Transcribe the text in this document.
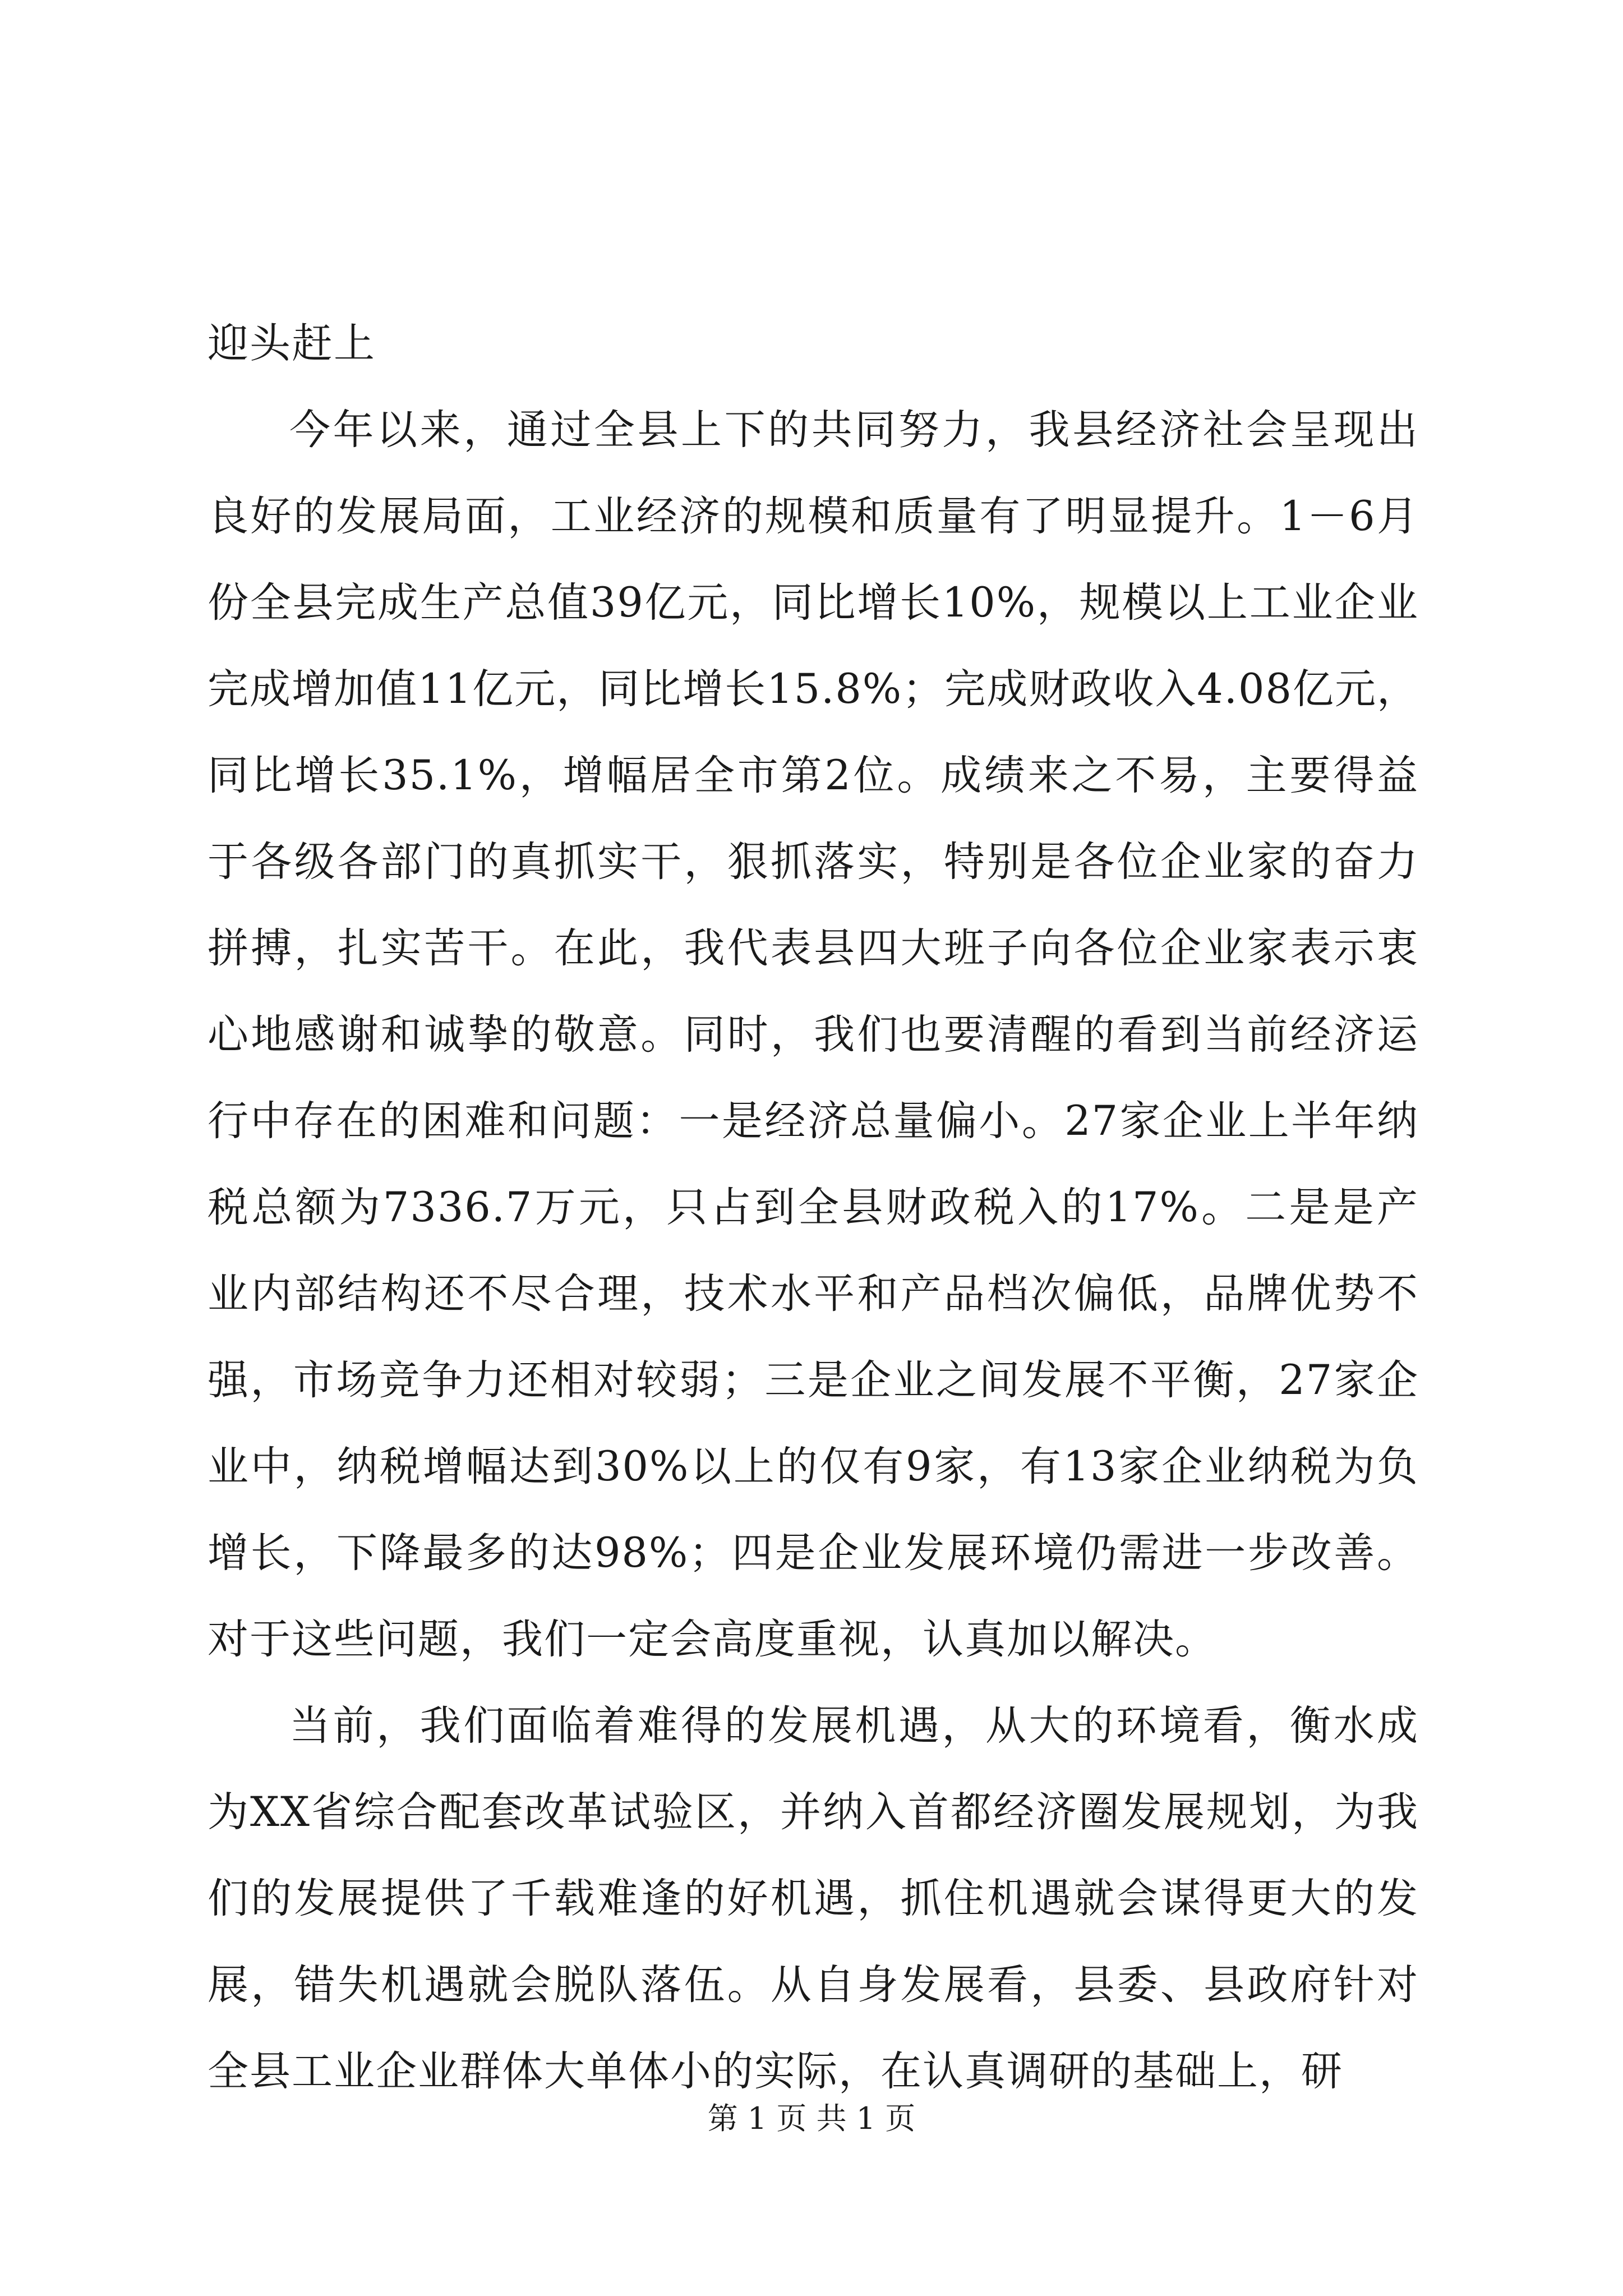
迎头赶上

今年以来，通过全县上下的共同努力，我县经济社会呈现出良好的发展局面，工业经济的规模和质量有了明显提升。1－6月份全县完成生产总值39亿元，同比增长10%，规模以上工业企业完成增加值11亿元，同比增长15.8%；完成财政收入4.08亿元，同比增长35.1%，增幅居全市第2位。成绩来之不易，主要得益于各级各部门的真抓实干，狠抓落实，特别是各位企业家的奋力拼搏，扎实苦干。在此，我代表县四大班子向各位企业家表示衷心地感谢和诚挚的敬意。同时，我们也要清醒的看到当前经济运行中存在的困难和问题：一是经济总量偏小。27家企业上半年纳税总额为7336.7万元，只占到全县财政税入的17%。二是是产业内部结构还不尽合理，技术水平和产品档次偏低，品牌优势不强，市场竞争力还相对较弱；三是企业之间发展不平衡，27家企业中，纳税增幅达到30%以上的仅有9家，有13家企业纳税为负增长，下降最多的达98%；四是企业发展环境仍需进一步改善。对于这些问题，我们一定会高度重视，认真加以解决。

当前，我们面临着难得的发展机遇，从大的环境看，衡水成为XX省综合配套改革试验区，并纳入首都经济圈发展规划，为我们的发展提供了千载难逢的好机遇，抓住机遇就会谋得更大的发展，错失机遇就会脱队落伍。从自身发展看，县委、县政府针对全县工业企业群体大单体小的实际，在认真调研的基础上，研

第 1 页 共 1 页
